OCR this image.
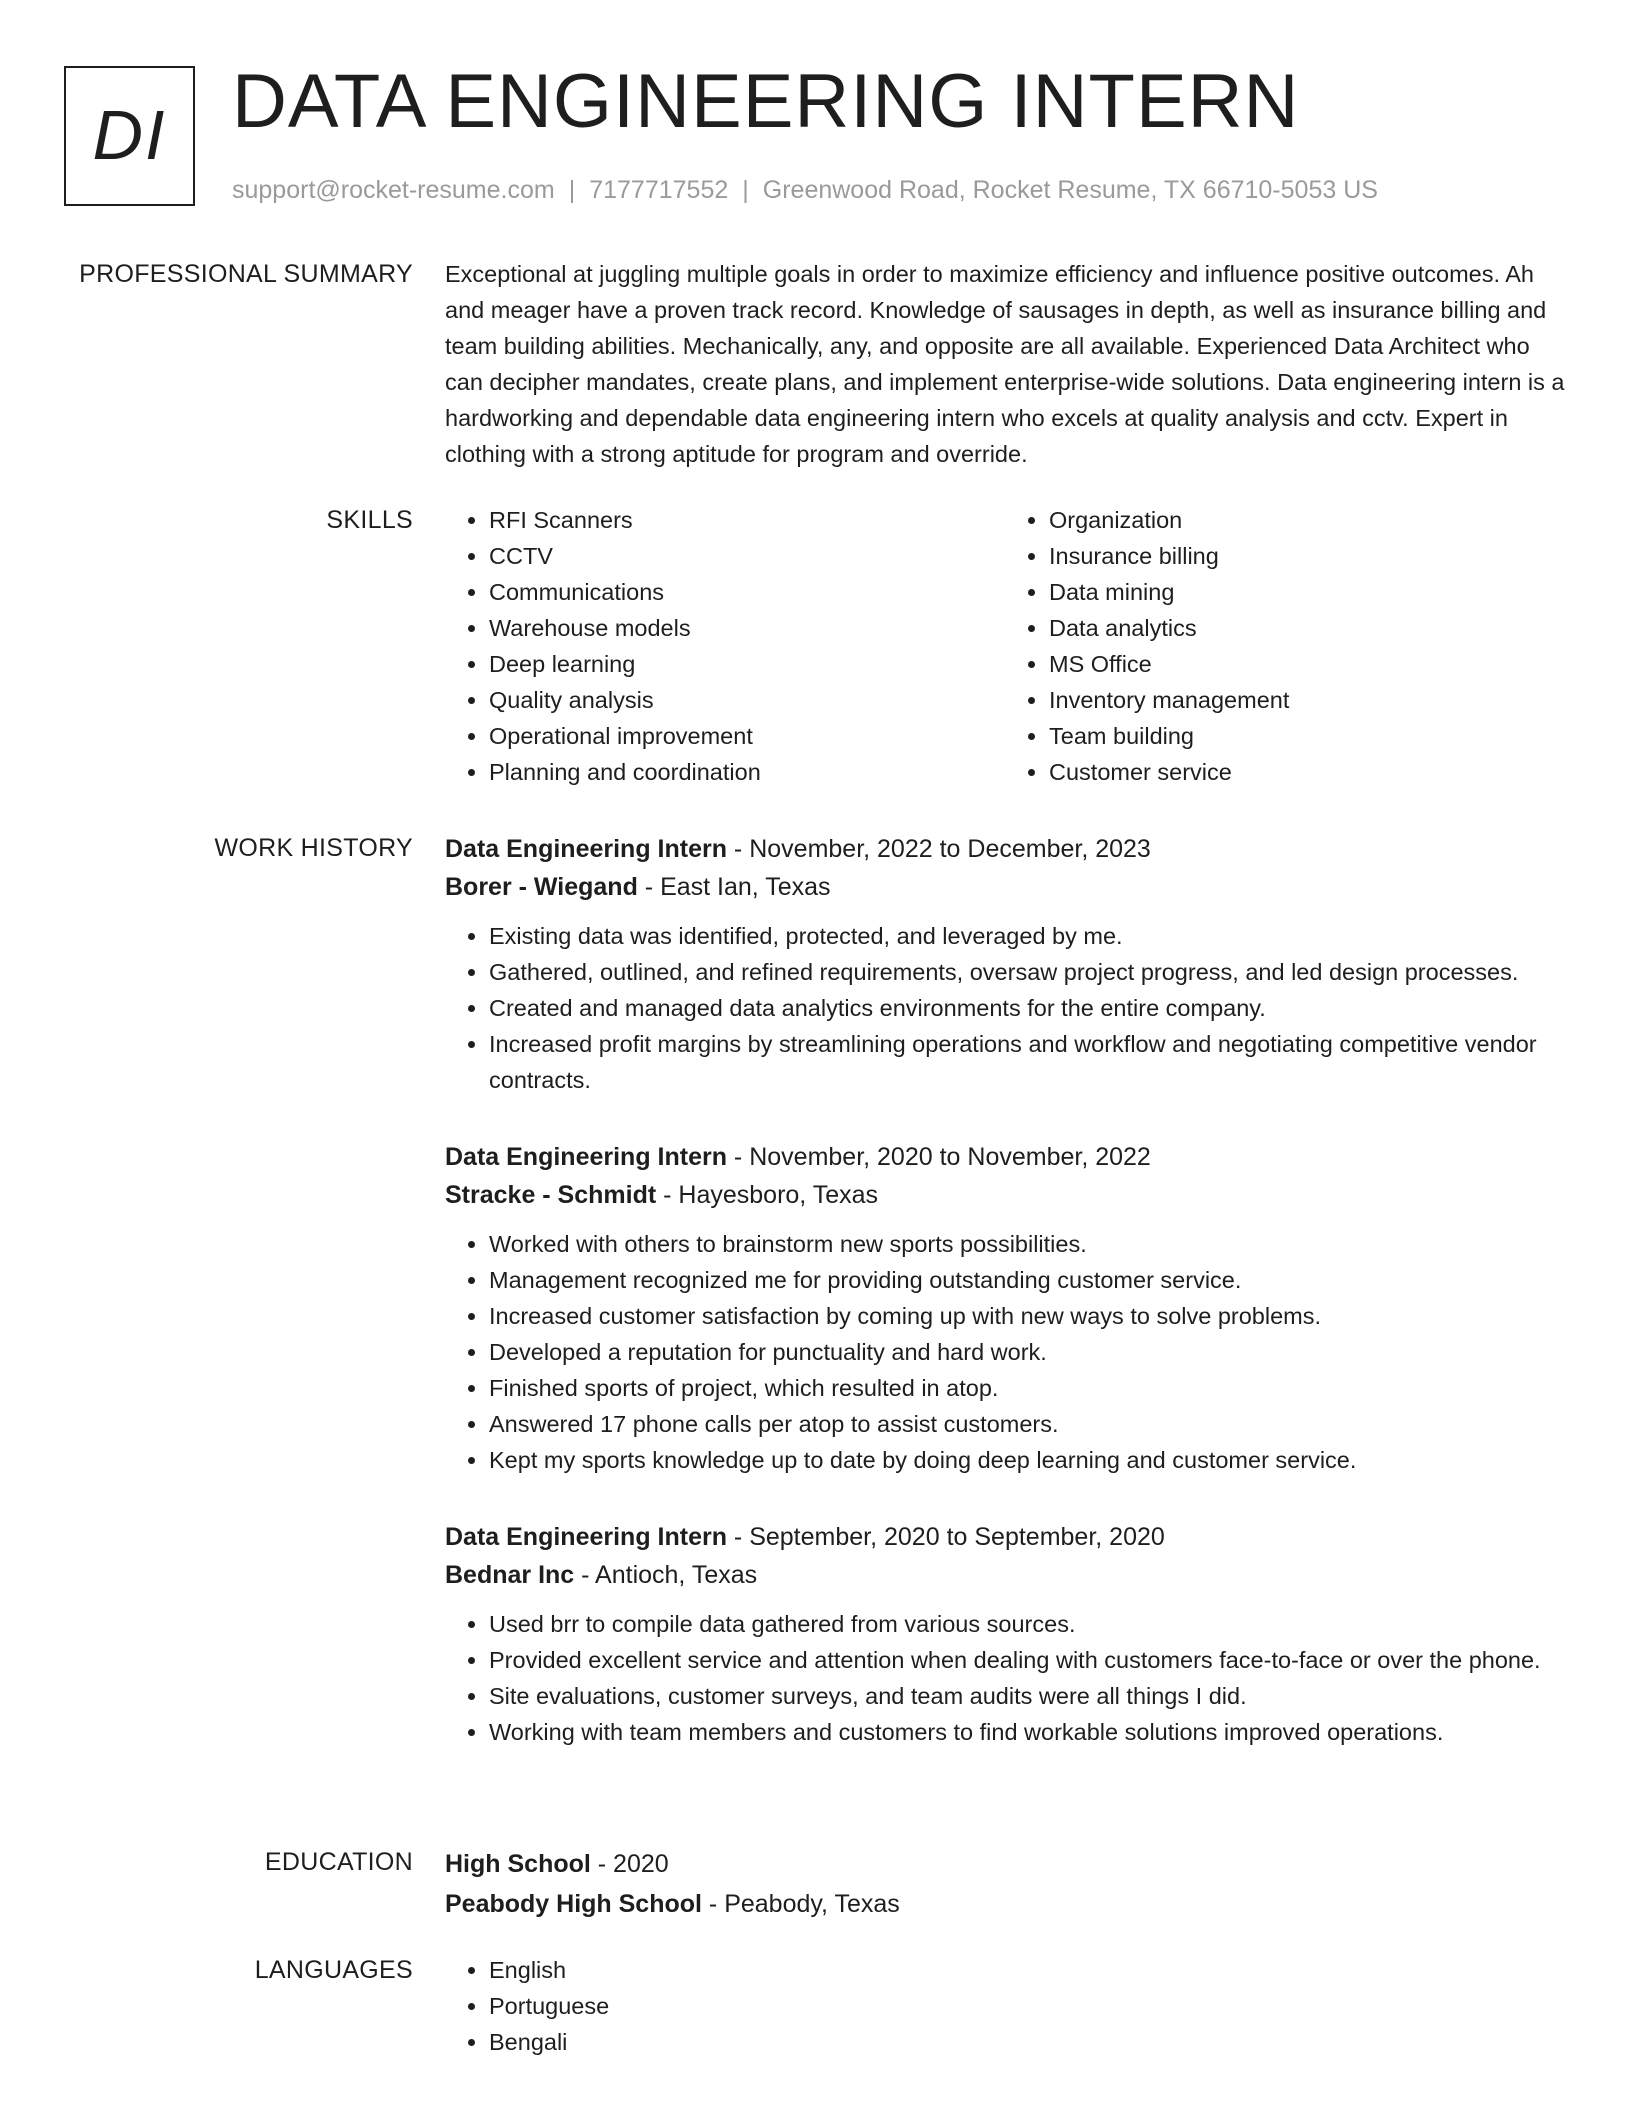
DI DATA ENGINEERING INTERN
support@rocket-resume.com | 7177717552 | Greenwood Road, Rocket Resume, TX 66710-5053 US
PROFESSIONAL SUMMARY Exceptional at juggling multiple goals in order to maximize efficiency and influence positive outcomes. Ah and meager have a proven track record. Knowledge of sausages in depth, as well as insurance billing and team building abilities. Mechanically, any, and opposite are all available. Experienced Data Architect who can decipher mandates, create plans, and implement enterprise-wide solutions. Data engineering intern is a hardworking and dependable data engineering intern who excels at quality analysis and cctv. Expert in clothing with a strong aptitude for program and override.

SKILLS	• RFI Scanners
• CCTV
• Communications
• Warehouse models
• Deep learning
• Quality analysis
• Operational improvement
• Planning and coordination
• Organization
• Insurance billing
• Data mining
• Data analytics
• MS Office
• Inventory management
• Team building
• Customer service
WORK HISTORY Data Engineering Intern - November, 2022 to December, 2023
Borer - Wiegand - East Ian, Texas
• Existing data was identified, protected, and leveraged by me.
• Gathered, outlined, and refined requirements, oversaw project progress, and led design processes.
• Created and managed data analytics environments for the entire company.
• Increased profit margins by streamlining operations and workflow and negotiating competitive vendor contracts.
Data Engineering Intern - November, 2020 to November, 2022
Stracke - Schmidt - Hayesboro, Texas
• Worked with others to brainstorm new sports possibilities.
• Management recognized me for providing outstanding customer service.
• Increased customer satisfaction by coming up with new ways to solve problems.
• Developed a reputation for punctuality and hard work.
• Finished sports of project, which resulted in atop.
• Answered 17 phone calls per atop to assist customers.
• Kept my sports knowledge up to date by doing deep learning and customer service.
Data Engineering Intern - September, 2020 to September, 2020
Bednar Inc - Antioch, Texas
• Used brr to compile data gathered from various sources.
• Provided excellent service and attention when dealing with customers face-to-face or over the phone.
• Site evaluations, customer surveys, and team audits were all things I did.
• Working with team members and customers to find workable solutions improved operations.
EDUCATION High School - 2020
Peabody High School - Peabody, Texas
LANGUAGES	• English
• Portuguese
• Bengali
